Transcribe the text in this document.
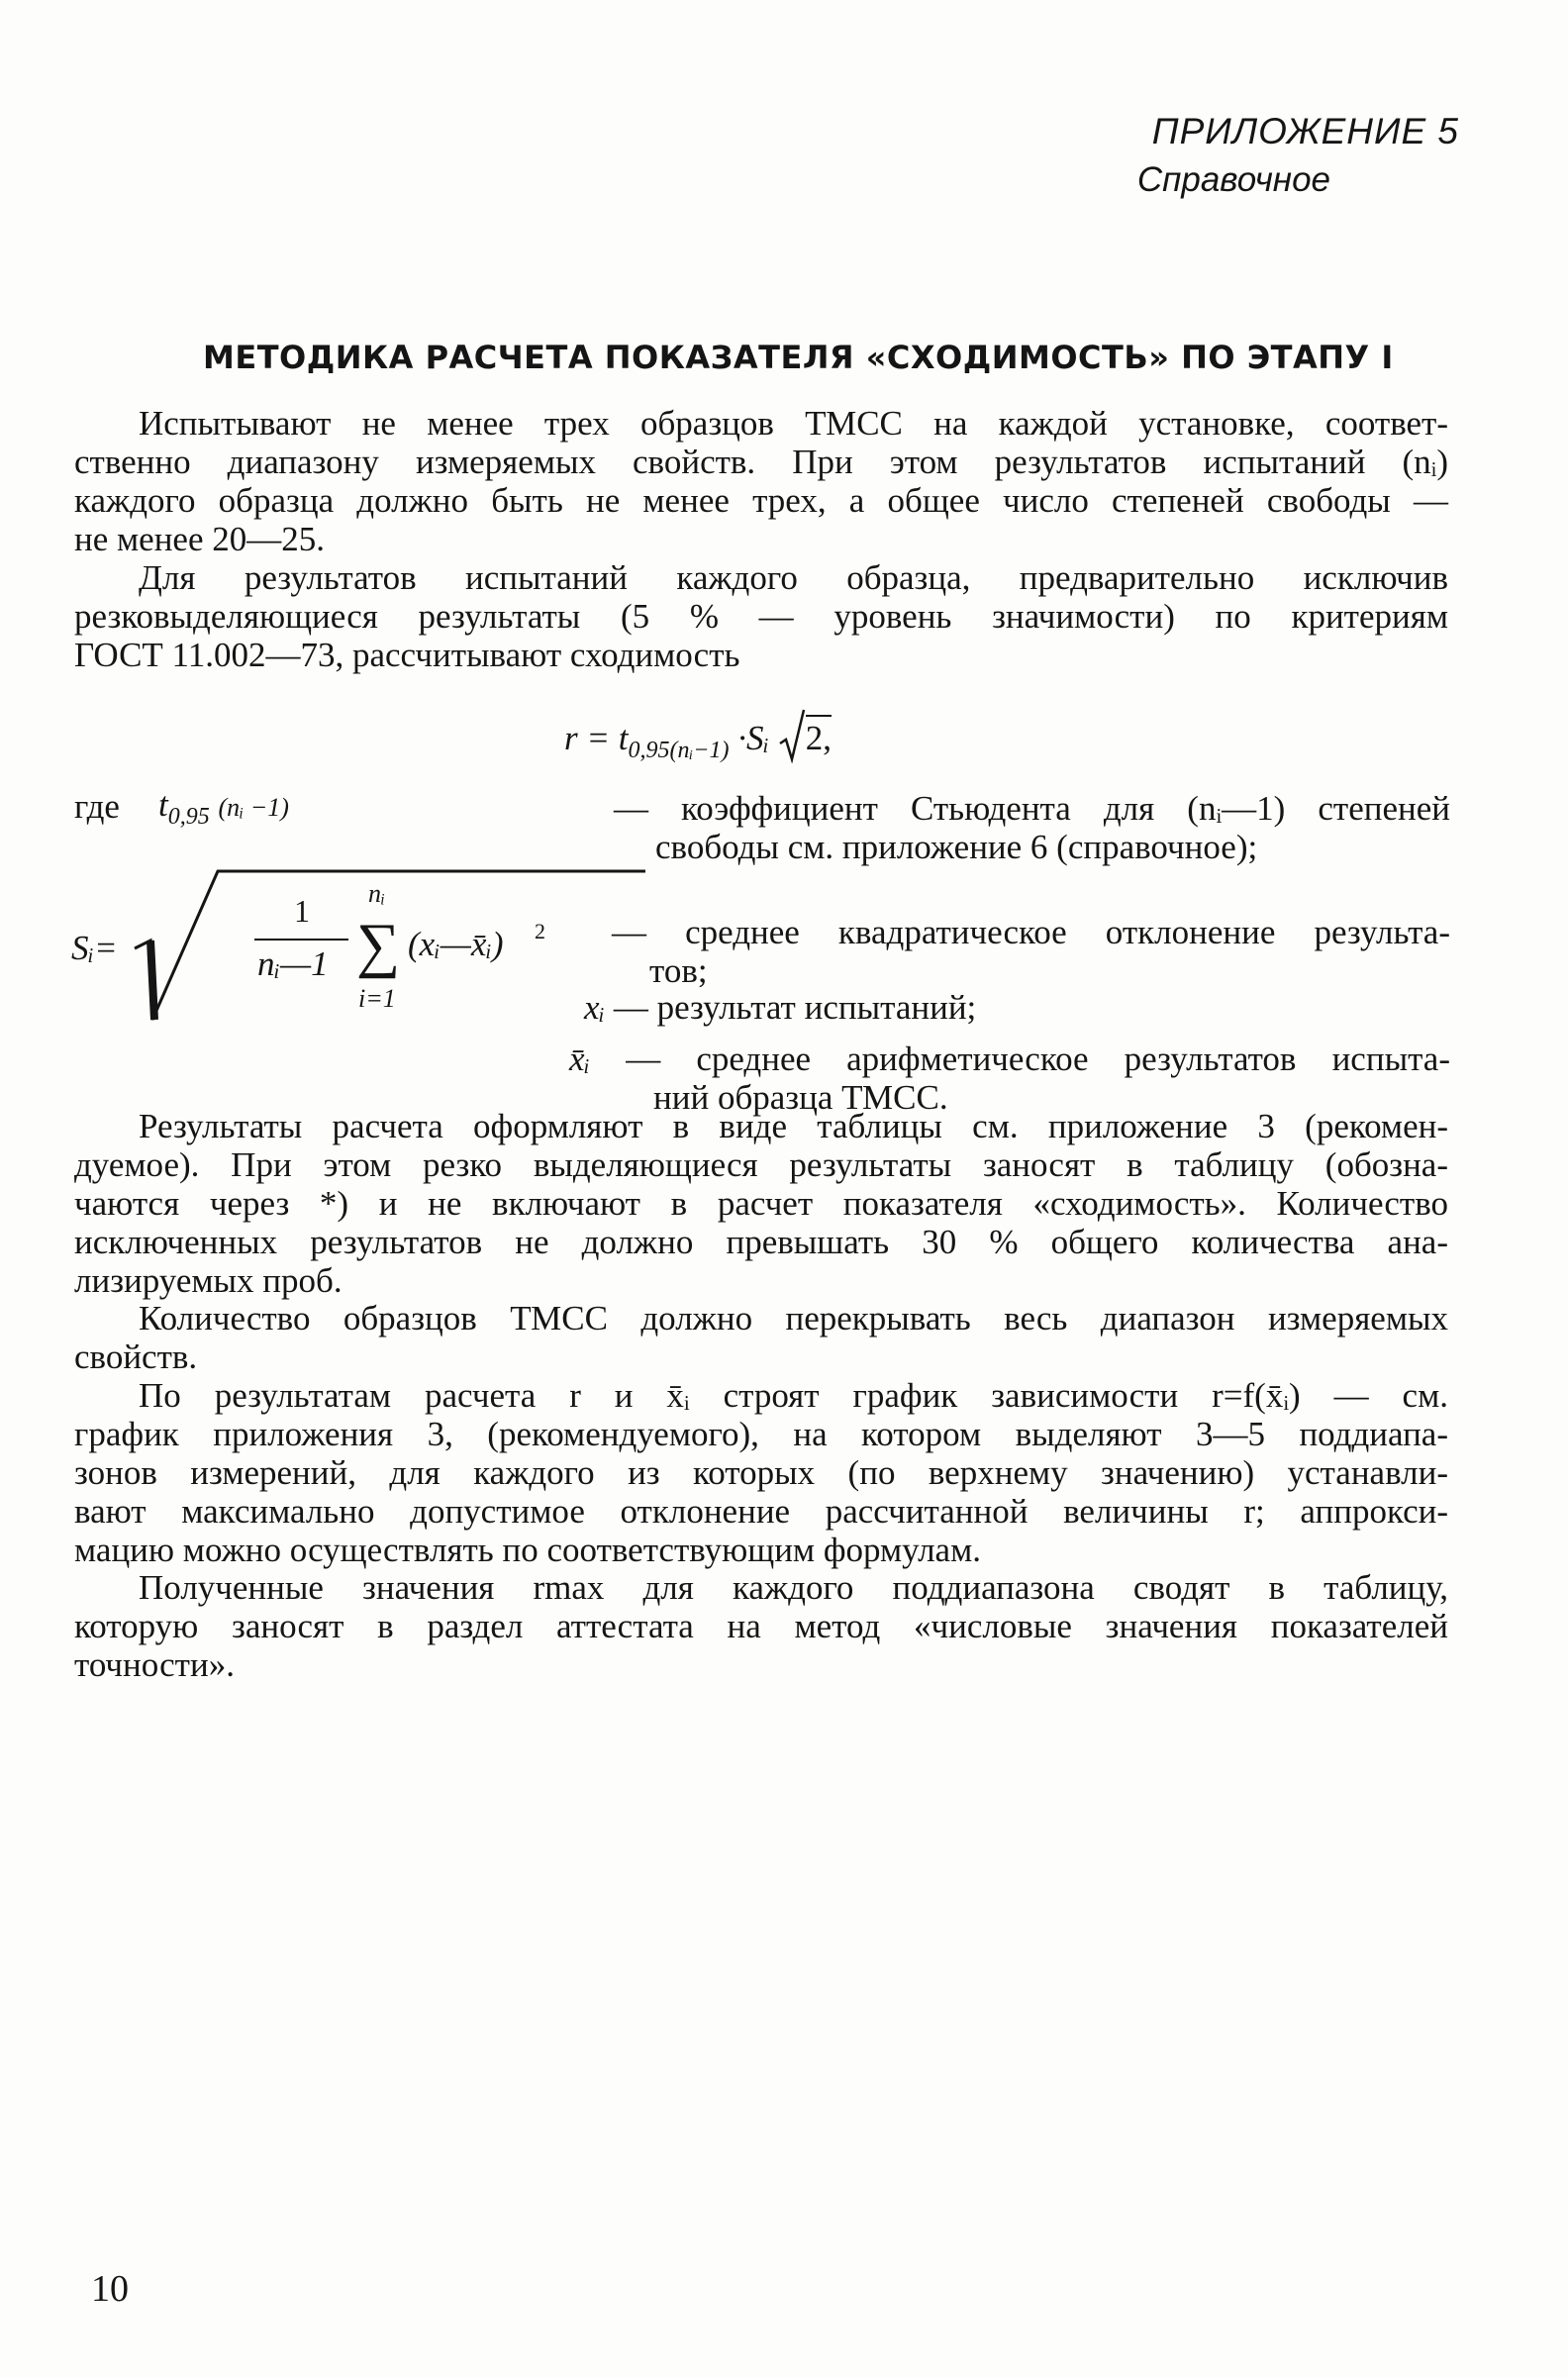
ПРИЛОЖЕНИЕ 5
Справочное
МЕТОДИКА РАСЧЕТА ПОКАЗАТЕЛЯ «СХОДИМОСТЬ» ПО ЭТАПУ I
Испытывают не менее трех образцов ТМСС на каждой установке, соответ-
ственно диапазону измеряемых свойств. При этом результатов испытаний (nᵢ)
каждого образца должно быть не менее трех, а общее число степеней свободы —
не менее 20—25.
Для результатов испытаний каждого образца, предварительно исключив
резковыделяющиеся результаты (5 % — уровень значимости) по критериям
ГОСТ 11.002—73, рассчитывают сходимость
$r = t_{0,95(nᵢ-1)}$ ·Sᵢ 2,
где $t_{0,95}$ (nᵢ −1)	— коэффициент Стьюдента для (nᵢ—1) степеней
свободы см. приложение 6 (справочное);
Sᵢ=
1
nᵢ—1
nᵢ
∑
i=1
(xᵢ—x̄ᵢ) 2 — среднее квадратическое отклонение результа-
тов;
xᵢ — результат испытаний;
x̄ᵢ — среднее арифметическое результатов испыта-
ний образца ТМСС.
Результаты расчета оформляют в виде таблицы см. приложение 3 (рекомен-
дуемое). При этом резко выделяющиеся результаты заносят в таблицу (обозна-
чаются через *) и не включают в расчет показателя «сходимость». Количество
исключенных результатов не должно превышать 30 % общего количества ана-
лизируемых проб.
Количество образцов ТМСС должно перекрывать весь диапазон измеряемых
свойств.
По результатам расчета r и x̄ᵢ строят график зависимости r=f(x̄ᵢ) — см.
график приложения 3, (рекомендуемого), на котором выделяют 3—5 поддиапа-
зонов измерений, для каждого из которых (по верхнему значению) устанавли-
вают максимально допустимое отклонение рассчитанной величины r; аппрокси-
мацию можно осуществлять по соответствующим формулам.
Полученные значения rmax для каждого поддиапазона сводят в таблицу,
которую заносят в раздел аттестата на метод «числовые значения показателей
точности».
10
